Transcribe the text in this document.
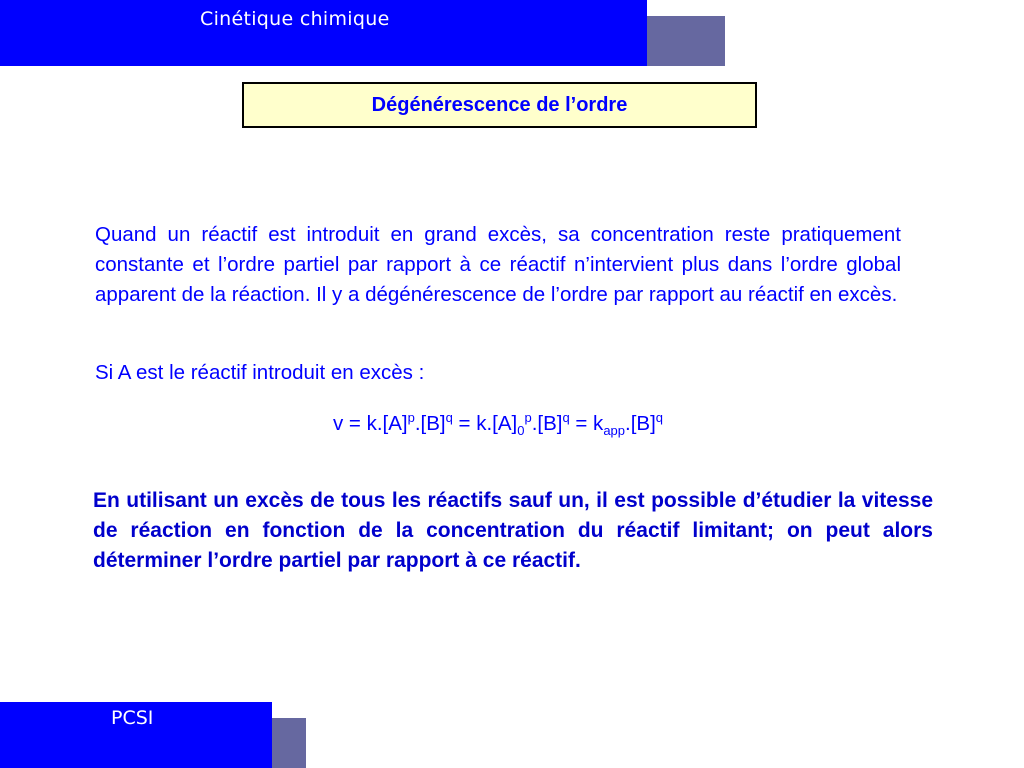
Cinétique chimique
Dégénérescence de l’ordre

Quand un réactif est introduit en grand excès, sa concentration reste pratiquement constante et l’ordre partiel par rapport à ce réactif n’intervient plus dans l’ordre global apparent de la réaction. Il y a dégénérescence de l’ordre par rapport au réactif en excès.

Si A est le réactif introduit en excès :

$v = k.[A]^p.[B]^q = k.[A]_0^p.[B]^q = k_{app}.[B]^q$

En utilisant un excès de tous les réactifs sauf un, il est possible d’étudier la vitesse de réaction en fonction de la concentration du réactif limitant; on peut alors déterminer l’ordre partiel par rapport à ce réactif.

PCSI
